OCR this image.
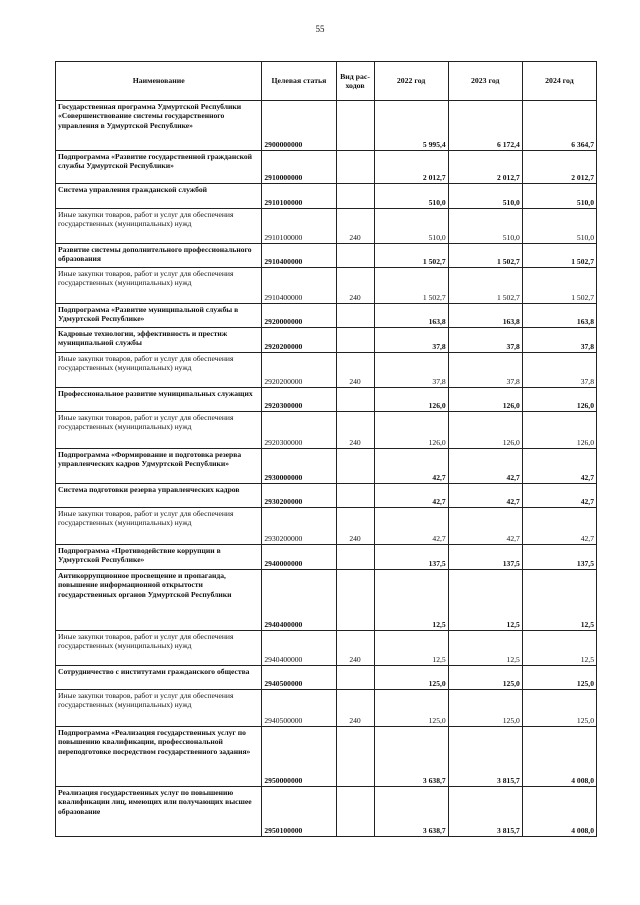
55
Наименование	Целевая статья	Вид рас-ходов	2022 год	2023 год	2024 год
Государственная программа Удмуртской Республики «Совершенствование системы государственного управления в Удмуртской Республике»	2900000000		5 995,4	6 172,4	6 364,7
Подпрограмма «Развитие государственной гражданской службы Удмуртской Республики»	2910000000		2 012,7	2 012,7	2 012,7
Система управления гражданской службой	2910100000		510,0	510,0	510,0
Иные закупки товаров, работ и услуг для обеспечения государственных (муниципальных) нужд	2910100000	240	510,0	510,0	510,0
Развитие системы дополнительного профессионального образования	2910400000		1 502,7	1 502,7	1 502,7
Иные закупки товаров, работ и услуг для обеспечения государственных (муниципальных) нужд	2910400000	240	1 502,7	1 502,7	1 502,7
Подпрограмма «Развитие муниципальной службы в Удмуртской Республике»	2920000000		163,8	163,8	163,8
Кадровые технологии, эффективность и престиж муниципальной службы	2920200000		37,8	37,8	37,8
Иные закупки товаров, работ и услуг для обеспечения государственных (муниципальных) нужд	2920200000	240	37,8	37,8	37,8
Профессиональное развитие муниципальных служащих	2920300000		126,0	126,0	126,0
Иные закупки товаров, работ и услуг для обеспечения государственных (муниципальных) нужд	2920300000	240	126,0	126,0	126,0
Подпрограмма «Формирование и подготовка резерва управленческих кадров Удмуртской Республики»	2930000000		42,7	42,7	42,7
Система подготовки резерва управленческих кадров	2930200000		42,7	42,7	42,7
Иные закупки товаров, работ и услуг для обеспечения государственных (муниципальных) нужд	2930200000	240	42,7	42,7	42,7
Подпрограмма «Противодействие коррупции в Удмуртской Республике»	2940000000		137,5	137,5	137,5
Антикоррупционное просвещение и пропаганда, повышение информационной открытости государственных органов Удмуртской Республики	2940400000		12,5	12,5	12,5
Иные закупки товаров, работ и услуг для обеспечения государственных (муниципальных) нужд	2940400000	240	12,5	12,5	12,5
Сотрудничество с институтами гражданского общества	2940500000		125,0	125,0	125,0
Иные закупки товаров, работ и услуг для обеспечения государственных (муниципальных) нужд	2940500000	240	125,0	125,0	125,0
Подпрограмма «Реализация государственных услуг по повышению квалификации, профессиональной переподготовке посредством государственного задания»	2950000000		3 638,7	3 815,7	4 008,0
Реализация государственных услуг по повышению квалификации лиц, имеющих или получающих высшее образование	2950100000		3 638,7	3 815,7	4 008,0
